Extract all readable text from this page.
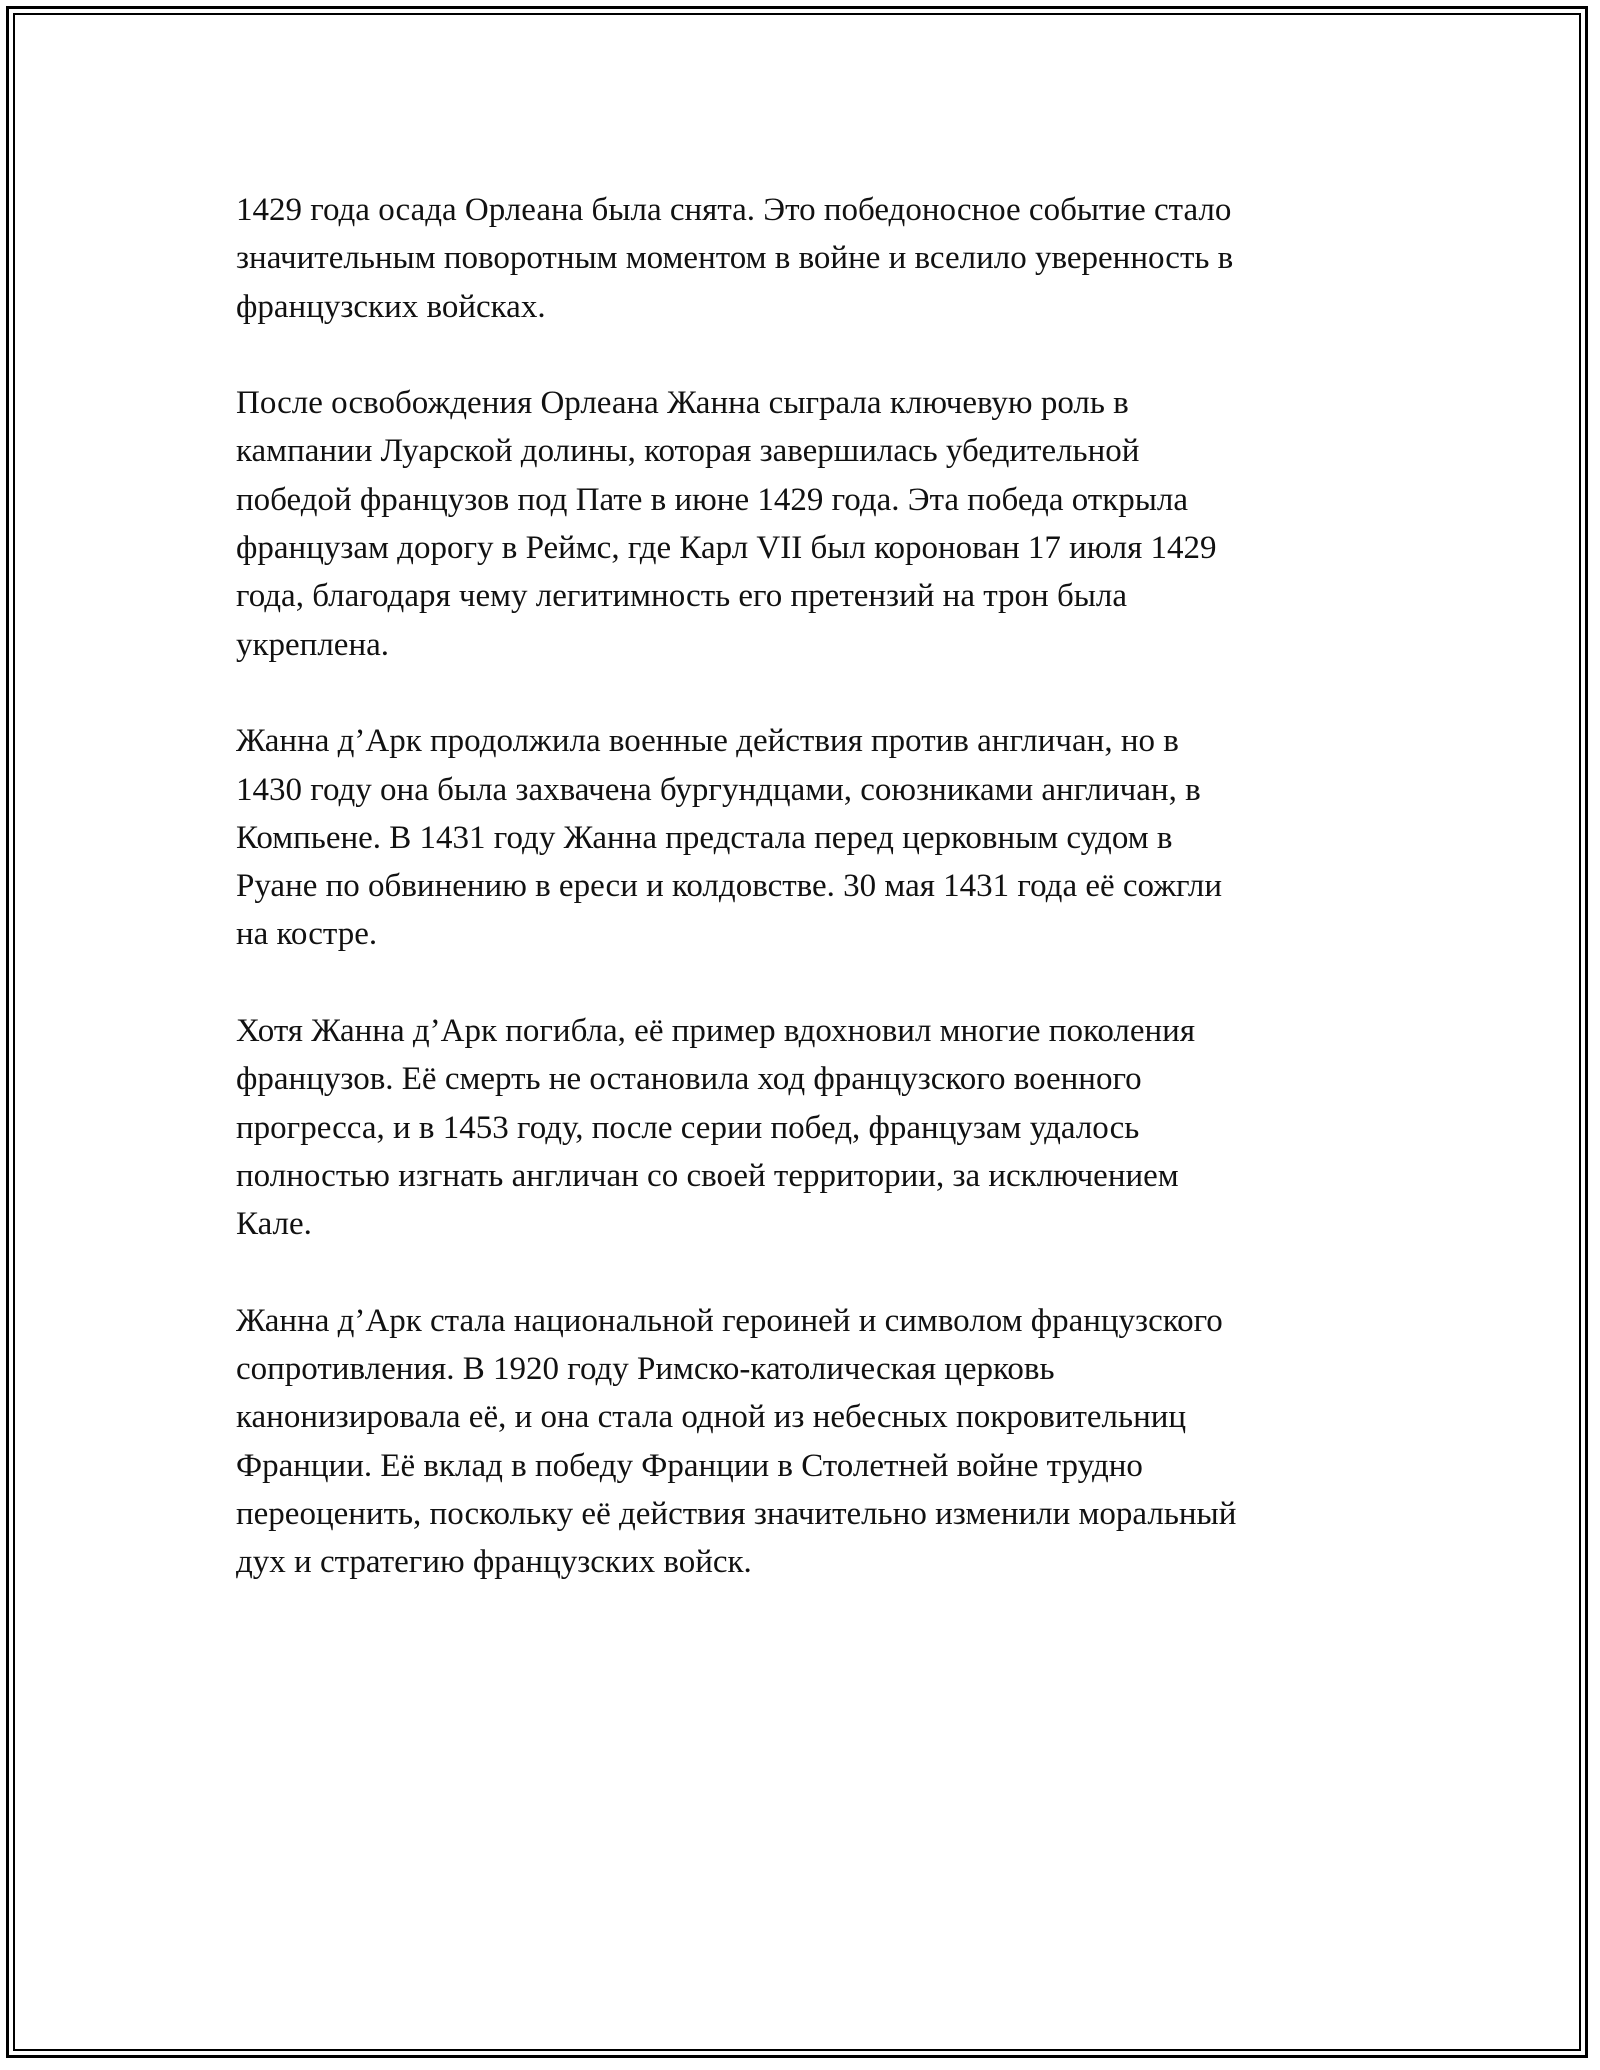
1429 года осада Орлеана была снята. Это победоносное событие стало
значительным поворотным моментом в войне и вселило уверенность в
французских войсках.

После освобождения Орлеана Жанна сыграла ключевую роль в
кампании Луарской долины, которая завершилась убедительной
победой французов под Пате в июне 1429 года. Эта победа открыла
французам дорогу в Реймс, где Карл VII был коронован 17 июля 1429
года, благодаря чему легитимность его претензий на трон была
укреплена.

Жанна д’Арк продолжила военные действия против англичан, но в
1430 году она была захвачена бургундцами, союзниками англичан, в
Компьене. В 1431 году Жанна предстала перед церковным судом в
Руане по обвинению в ереси и колдовстве. 30 мая 1431 года её сожгли
на костре.

Хотя Жанна д’Арк погибла, её пример вдохновил многие поколения
французов. Её смерть не остановила ход французского военного
прогресса, и в 1453 году, после серии побед, французам удалось
полностью изгнать англичан со своей территории, за исключением
Кале.

Жанна д’Арк стала национальной героиней и символом французского
сопротивления. В 1920 году Римско-католическая церковь
канонизировала её, и она стала одной из небесных покровительниц
Франции. Её вклад в победу Франции в Столетней войне трудно
переоценить, поскольку её действия значительно изменили моральный
дух и стратегию французских войск.
